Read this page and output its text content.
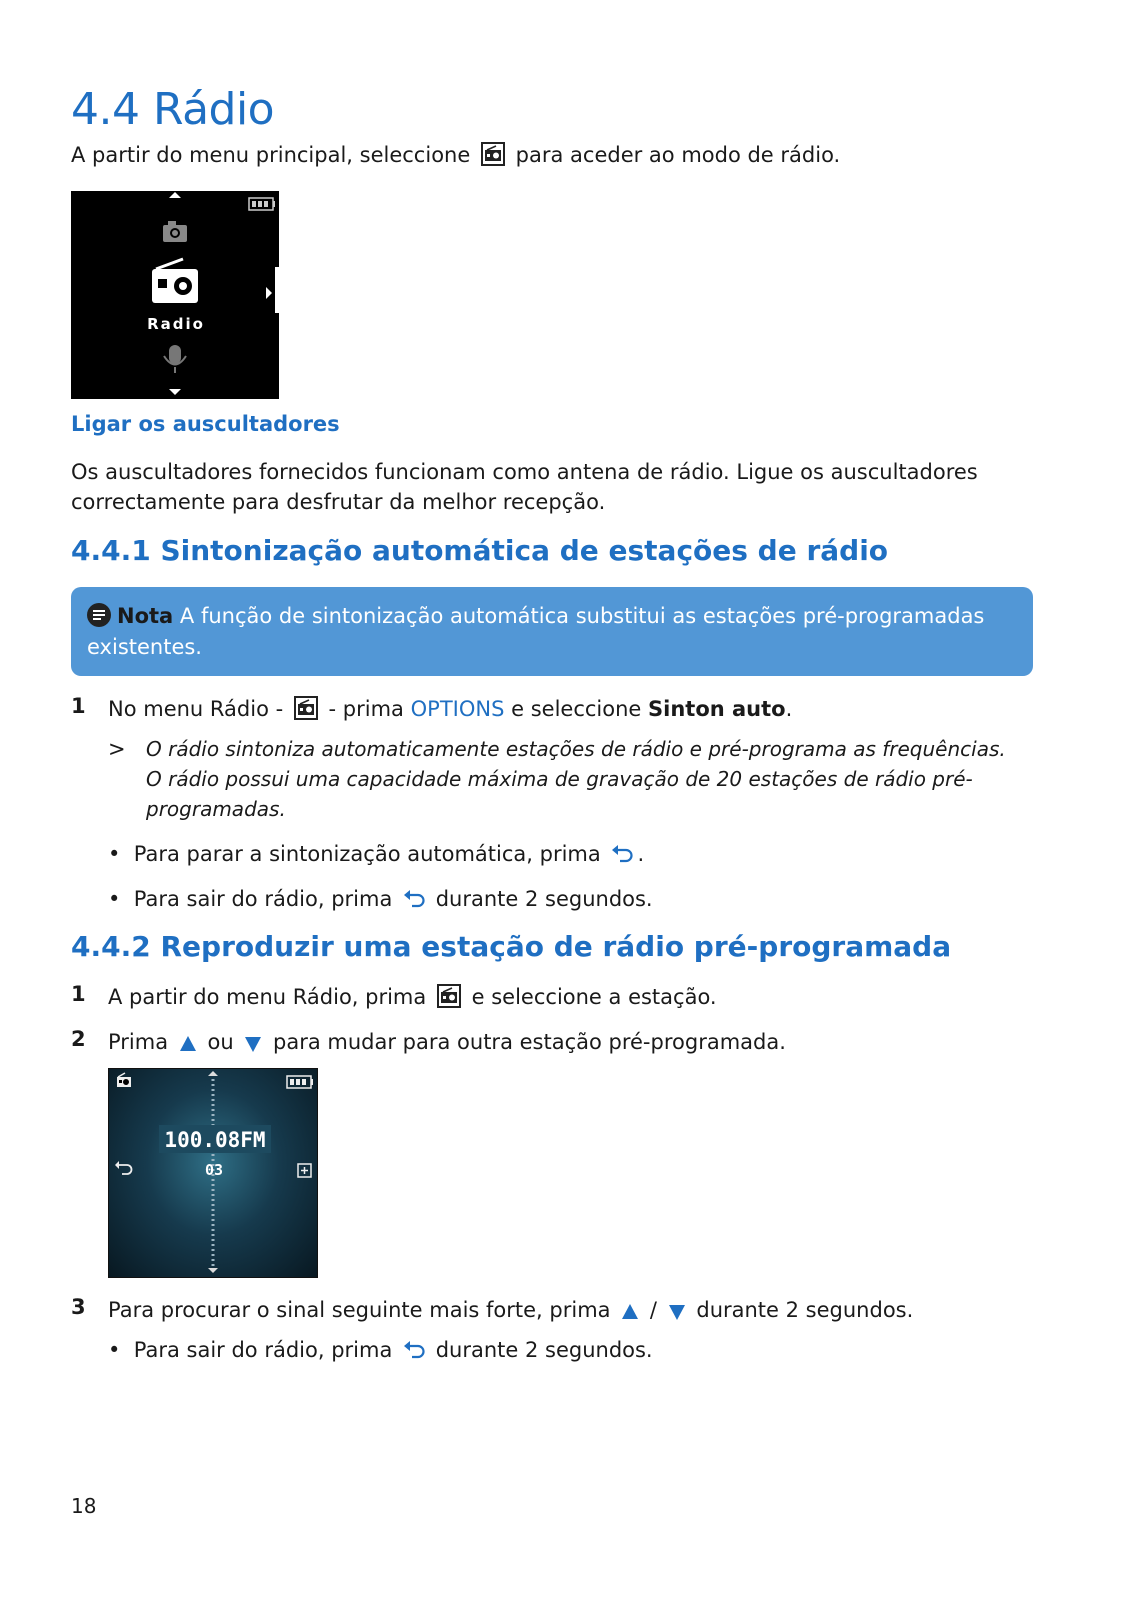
4.4 Rádio
A partir do menu principal, seleccione para aceder ao modo de rádio.
Radio
Ligar os auscultadores
Os auscultadores fornecidos funcionam como antena de rádio. Ligue os auscultadores
correctamente para desfrutar da melhor recepção.
4.4.1 Sintonização automática de estações de rádio
Nota A função de sintonização automática substitui as estações pré-programadas
existentes.
1 No menu Rádio - - prima OPTIONS e seleccione Sinton auto.
> O rádio sintoniza automaticamente estações de rádio e pré-programa as frequências.
O rádio possui uma capacidade máxima de gravação de 20 estações de rádio pré-
programadas.
•  Para parar a sintonização automática, prima .
•  Para sair do rádio, prima durante 2 segundos.
4.4.2 Reproduzir uma estação de rádio pré-programada
1 A partir do menu Rádio, prima e seleccione a estação.
2 Prima ou para mudar para outra estação pré-programada.
100.08FM
03
3 Para procurar o sinal seguinte mais forte, prima / durante 2 segundos.
•  Para sair do rádio, prima durante 2 segundos.
18
